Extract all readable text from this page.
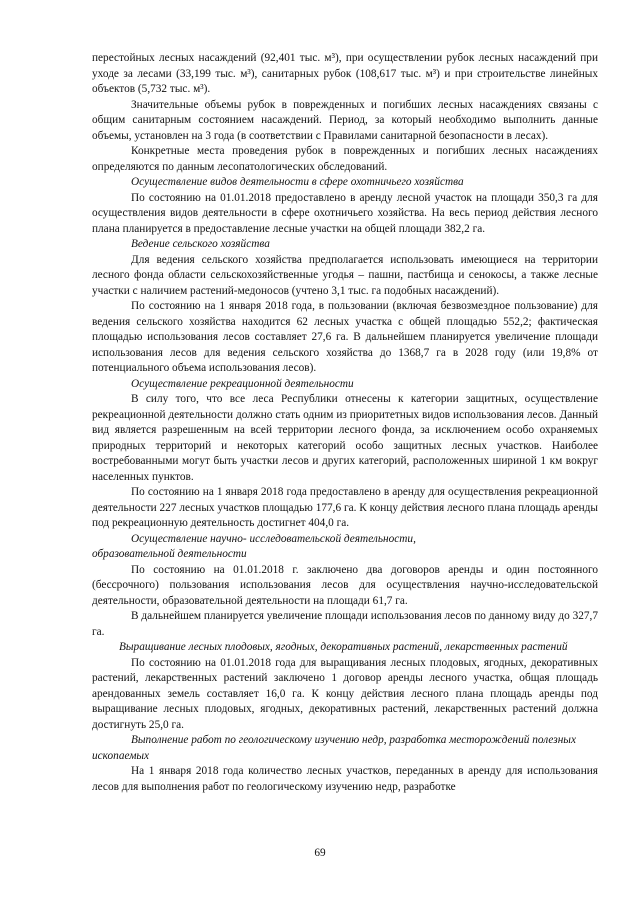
перестойных лесных насаждений (92,401 тыс. м³), при осуществлении рубок лесных насаждений при уходе за лесами (33,199 тыс. м³), санитарных рубок (108,617 тыс. м³) и при строительстве линейных объектов (5,732 тыс. м³).

Значительные объемы рубок в поврежденных и погибших лесных насаждениях связаны с общим санитарным состоянием насаждений. Период, за который необходимо выполнить данные объемы, установлен на 3 года (в соответствии с Правилами санитарной безопасности в лесах).

Конкретные места проведения рубок в поврежденных и погибших лесных насаждениях определяются по данным лесопатологических обследований.

Осуществление видов деятельности в сфере охотничьего хозяйства

По состоянию на 01.01.2018 предоставлено в аренду лесной участок на площади 350,3 га для осуществления видов деятельности в сфере охотничьего хозяйства. На весь период действия лесного плана планируется в предоставление лесные участки на общей площади 382,2 га.

Ведение сельского хозяйства

Для ведения сельского хозяйства предполагается использовать имеющиеся на территории лесного фонда области сельскохозяйственные угодья – пашни, пастбища и сенокосы, а также лесные участки с наличием растений-медоносов (учтено 3,1 тыс. га подобных насаждений).

По состоянию на 1 января 2018 года, в пользовании (включая безвозмездное пользование) для ведения сельского хозяйства находится 62 лесных участка с общей площадью 552,2; фактическая площадью использования лесов составляет 27,6 га. В дальнейшем планируется увеличение площади использования лесов для ведения сельского хозяйства до 1368,7 га в 2028 году (или 19,8% от потенциального объема использования лесов).

Осуществление рекреационной деятельности

В силу того, что все леса Республики отнесены к категории защитных, осуществление рекреационной деятельности должно стать одним из приоритетных видов использования лесов. Данный вид является разрешенным на всей территории лесного фонда, за исключением особо охраняемых природных территорий и некоторых категорий особо защитных лесных участков. Наиболее востребованными могут быть участки лесов и других категорий, расположенных шириной 1 км вокруг населенных пунктов.

По состоянию на 1 января 2018 года предоставлено в аренду для осуществления рекреационной деятельности 227 лесных участков площадью 177,6 га. К концу действия лесного плана площадь аренды под рекреационную деятельность достигнет 404,0 га.

Осуществление научно- исследовательской деятельности,

образовательной деятельности

По состоянию на 01.01.2018 г. заключено два договоров аренды и один постоянного (бессрочного) пользования использования лесов для осуществления научно-исследовательской деятельности, образовательной деятельности на площади 61,7 га.

В дальнейшем планируется увеличение площади использования лесов по данному виду до 327,7 га.

Выращивание лесных плодовых, ягодных, декоративных растений, лекарственных растений

По состоянию на 01.01.2018 года для выращивания лесных плодовых, ягодных, декоративных растений, лекарственных растений заключено 1 договор аренды лесного участка, общая площадь арендованных земель составляет 16,0 га. К концу действия лесного плана площадь аренды под выращивание лесных плодовых, ягодных, декоративных растений, лекарственных растений должна достигнуть 25,0 га.

Выполнение работ по геологическому изучению недр, разработка месторождений полезных ископаемых

На 1 января 2018 года количество лесных участков, переданных в аренду для использования лесов для выполнения работ по геологическому изучению недр, разработке

69
